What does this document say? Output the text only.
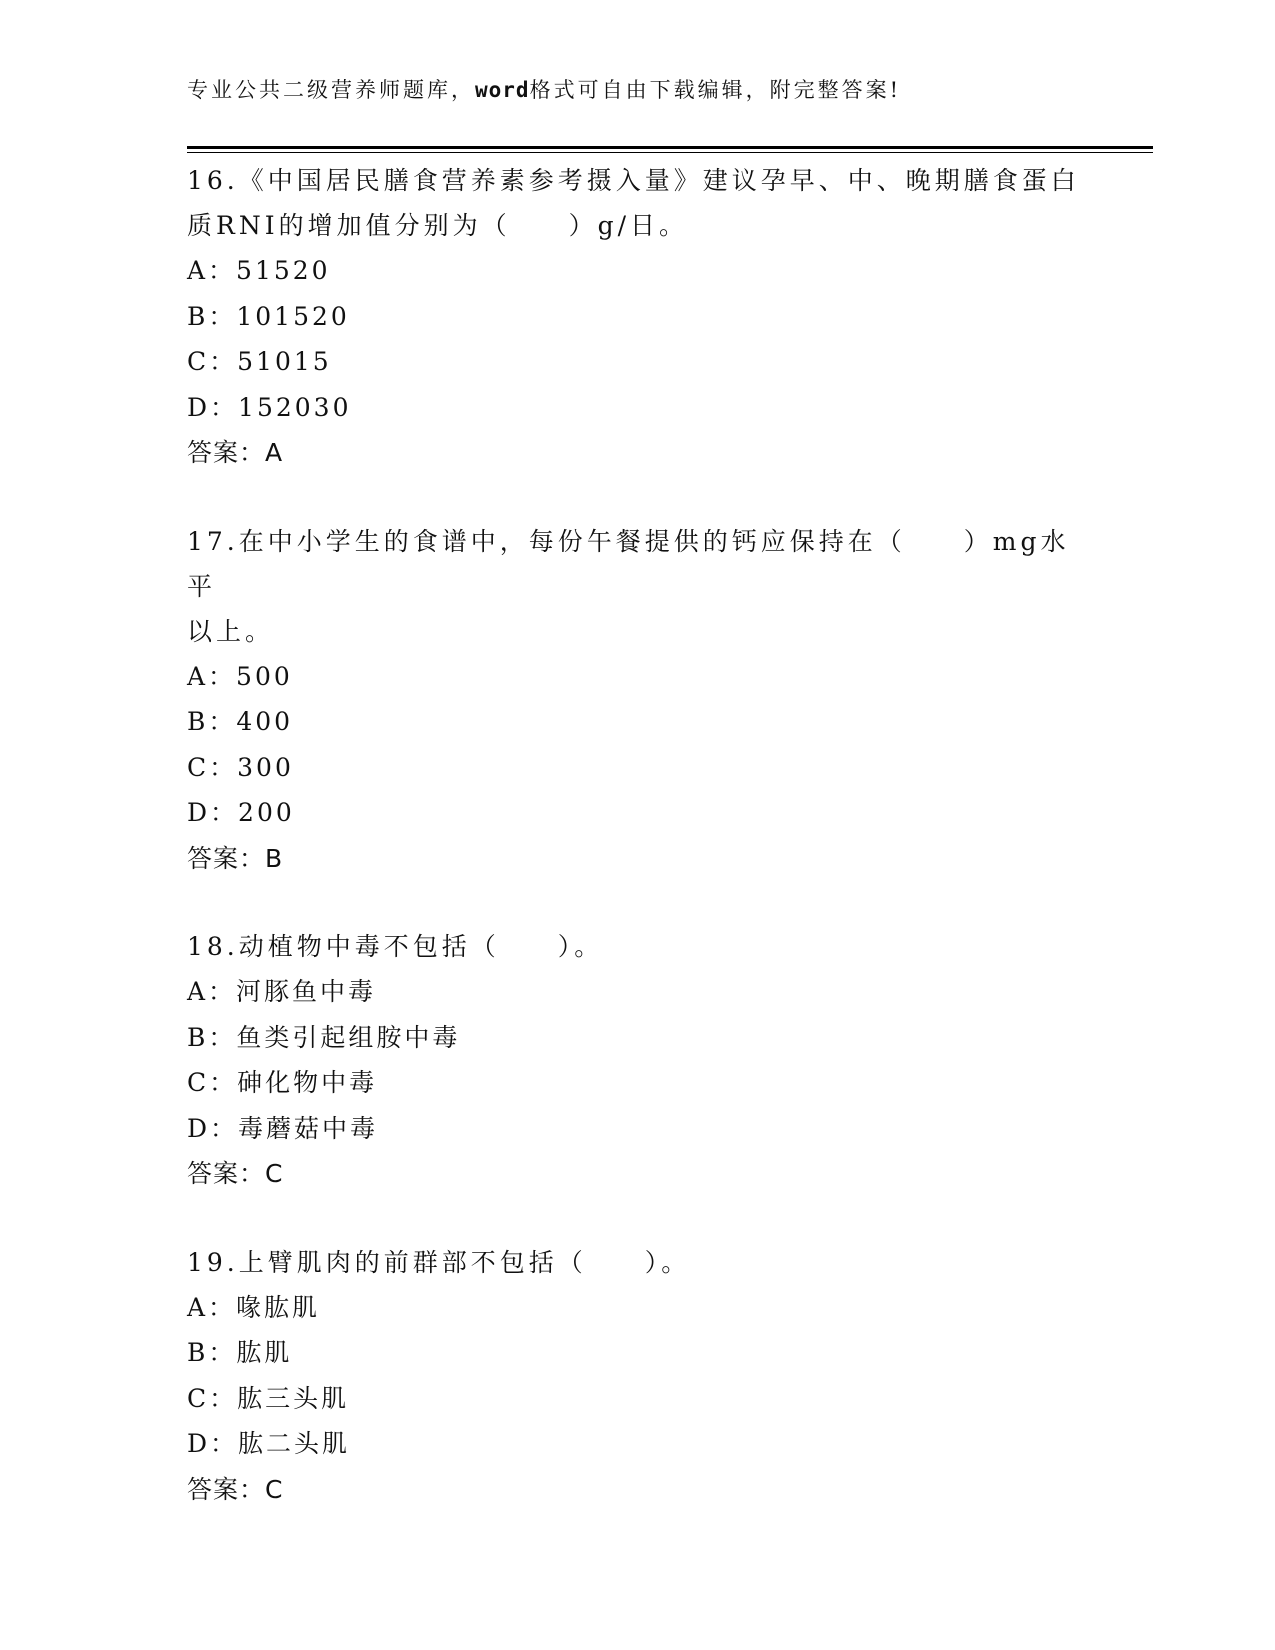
专业公共二级营养师题库，word格式可自由下载编辑，附完整答案!
16.《中国居民膳食营养素参考摄入量》建议孕早、中、晚期膳食蛋白
质RNI的增加值分别为（　　）g/日。
A：51520
B：101520
C：51015
D：152030
答案：A
17.在中小学生的食谱中，每份午餐提供的钙应保持在（　　）mg水平
以上。
A：500
B：400
C：300
D：200
答案：B
18.动植物中毒不包括（　　）。
A：河豚鱼中毒
B：鱼类引起组胺中毒
C：砷化物中毒
D：毒蘑菇中毒
答案：C
19.上臂肌肉的前群部不包括（　　）。
A：喙肱肌
B：肱肌
C：肱三头肌
D：肱二头肌
答案：C
